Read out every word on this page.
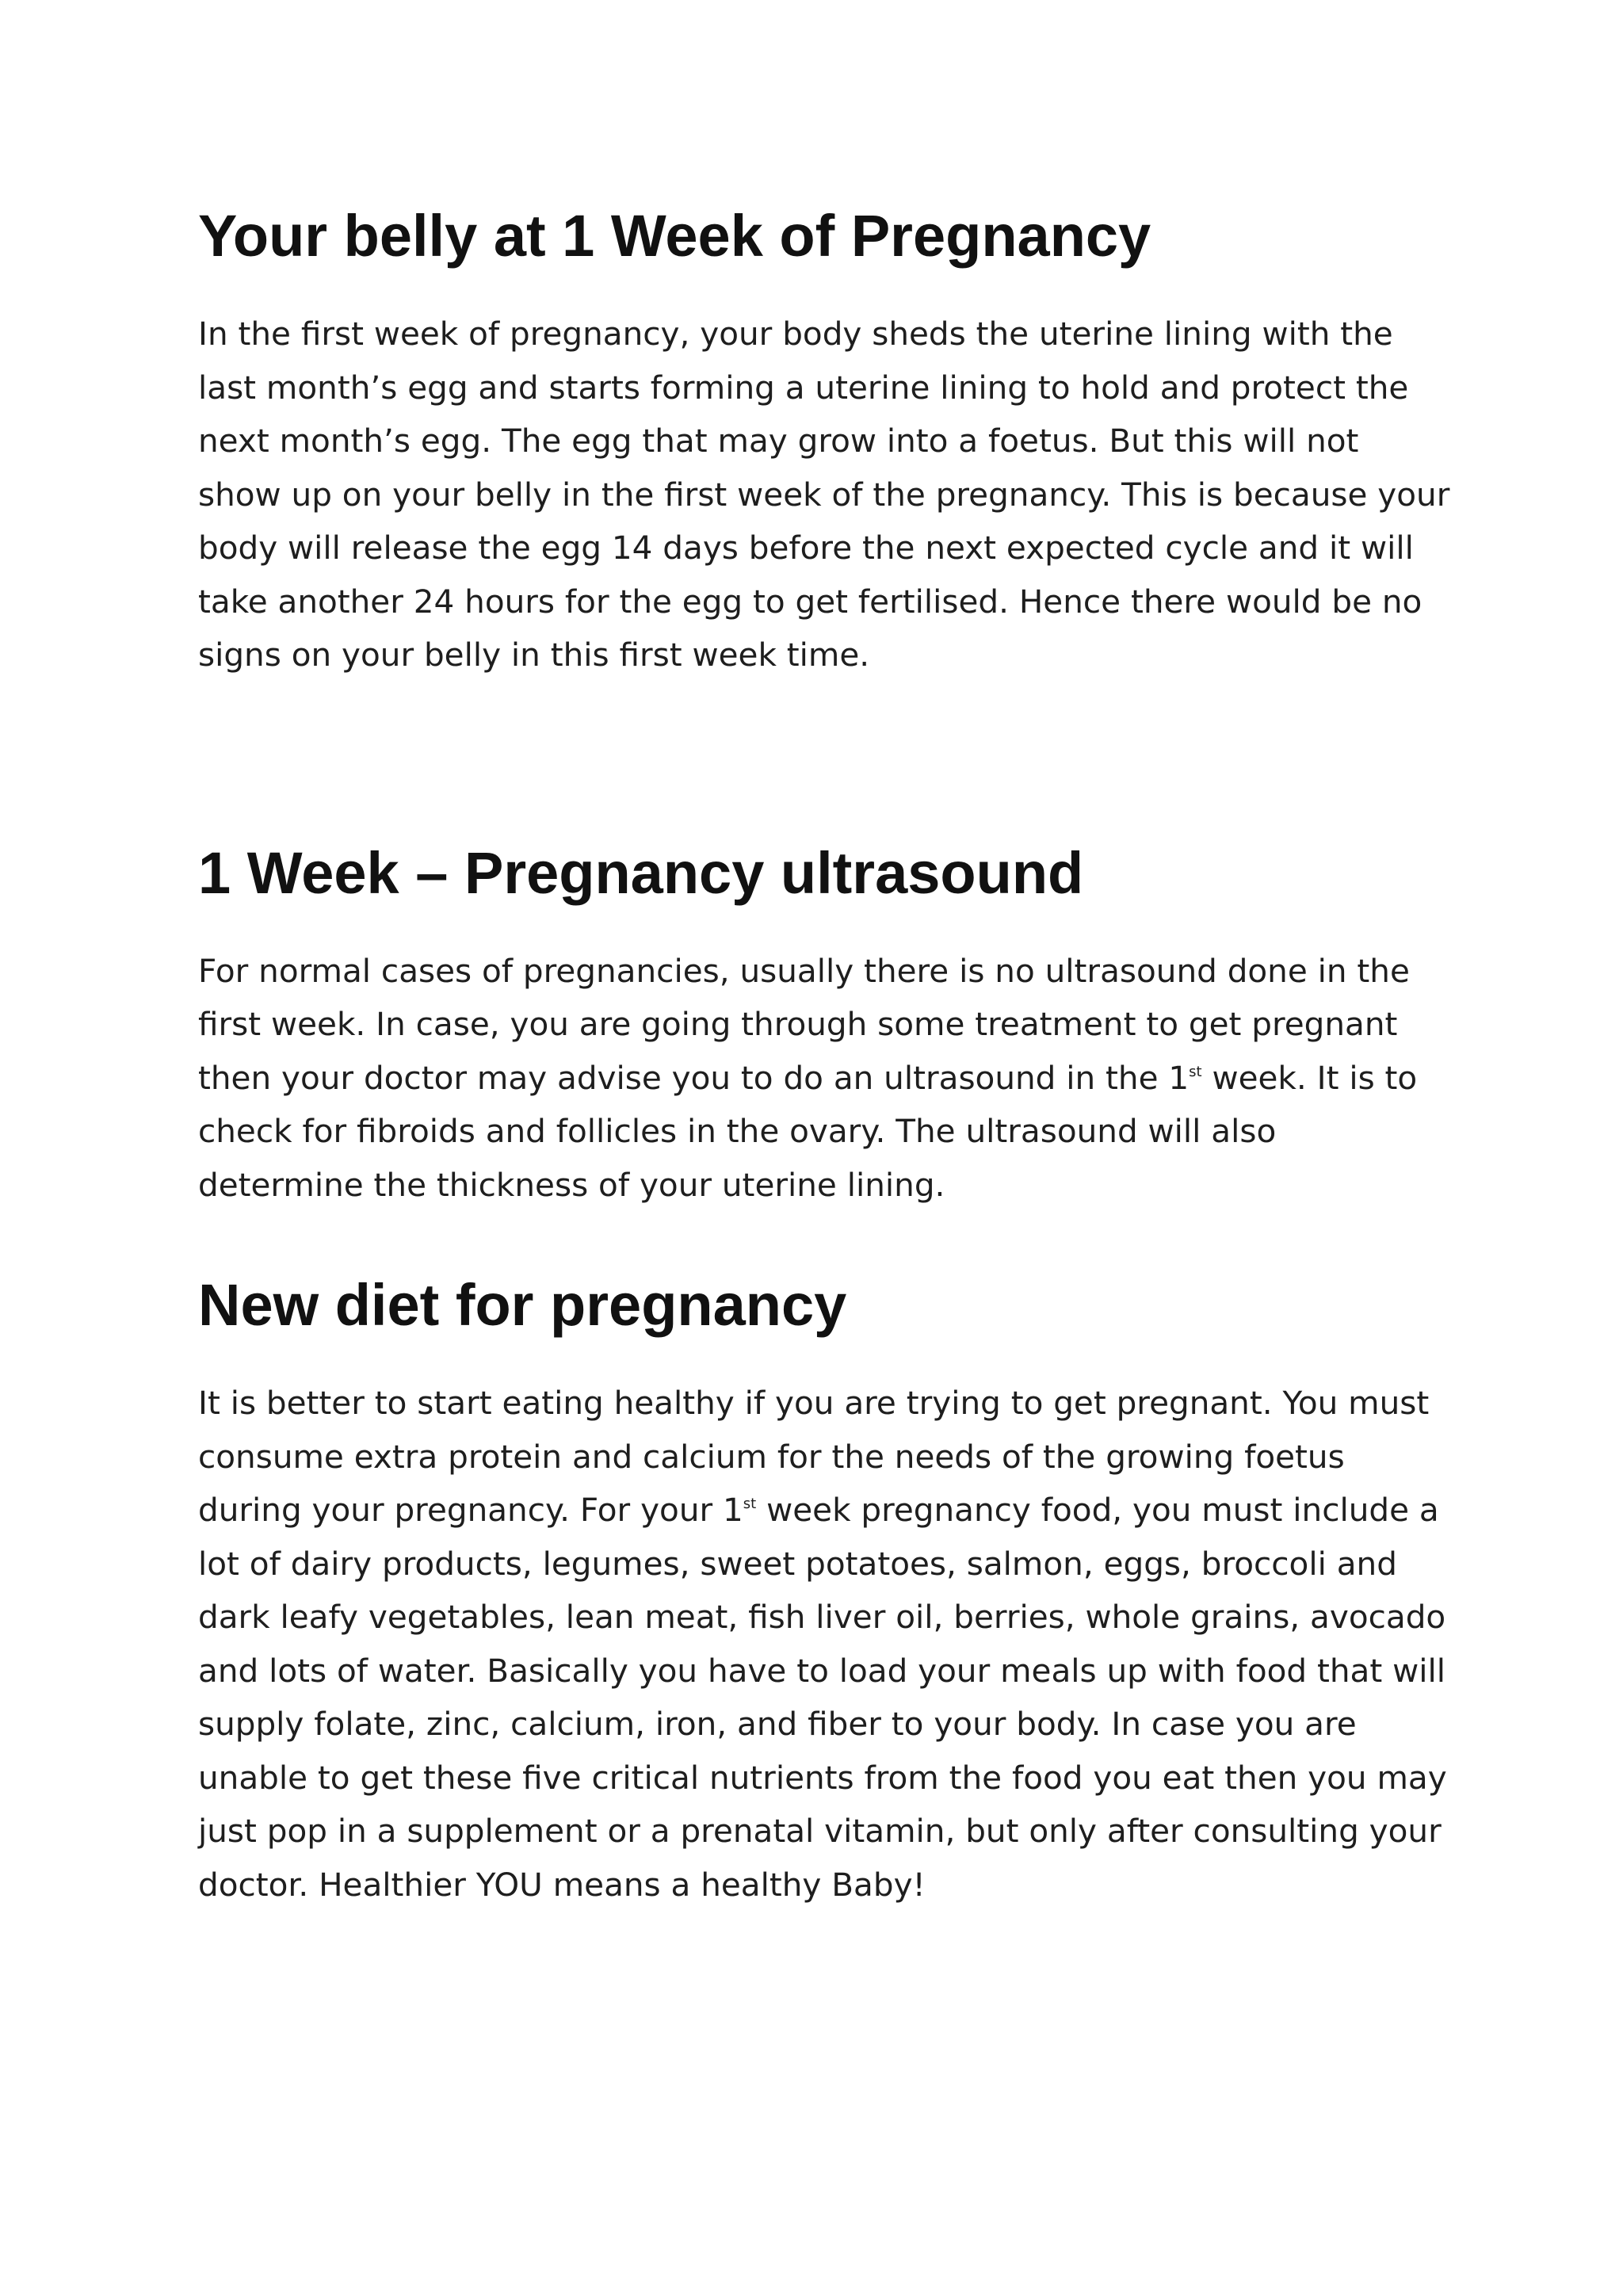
Your belly at 1 Week of Pregnancy

In the first week of pregnancy, your body sheds the uterine lining with the last month’s egg and starts forming a uterine lining to hold and protect the next month’s egg. The egg that may grow into a foetus. But this will not show up on your belly in the first week of the pregnancy. This is because your body will release the egg 14 days before the next expected cycle and it will take another 24 hours for the egg to get fertilised. Hence there would be no signs on your belly in this first week time.

1 Week – Pregnancy ultrasound

For normal cases of pregnancies, usually there is no ultrasound done in the first week. In case, you are going through some treatment to get pregnant then your doctor may advise you to do an ultrasound in the 1st week. It is to check for fibroids and follicles in the ovary. The ultrasound will also determine the thickness of your uterine lining.

New diet for pregnancy

It is better to start eating healthy if you are trying to get pregnant. You must consume extra protein and calcium for the needs of the growing foetus during your pregnancy. For your 1st week pregnancy food, you must include a lot of dairy products, legumes, sweet potatoes, salmon, eggs, broccoli and dark leafy vegetables, lean meat, fish liver oil, berries, whole grains, avocado and lots of water. Basically you have to load your meals up with food that will supply folate, zinc, calcium, iron, and fiber to your body. In case you are unable to get these five critical nutrients from the food you eat then you may just pop in a supplement or a prenatal vitamin, but only after consulting your doctor. Healthier YOU means a healthy Baby!
